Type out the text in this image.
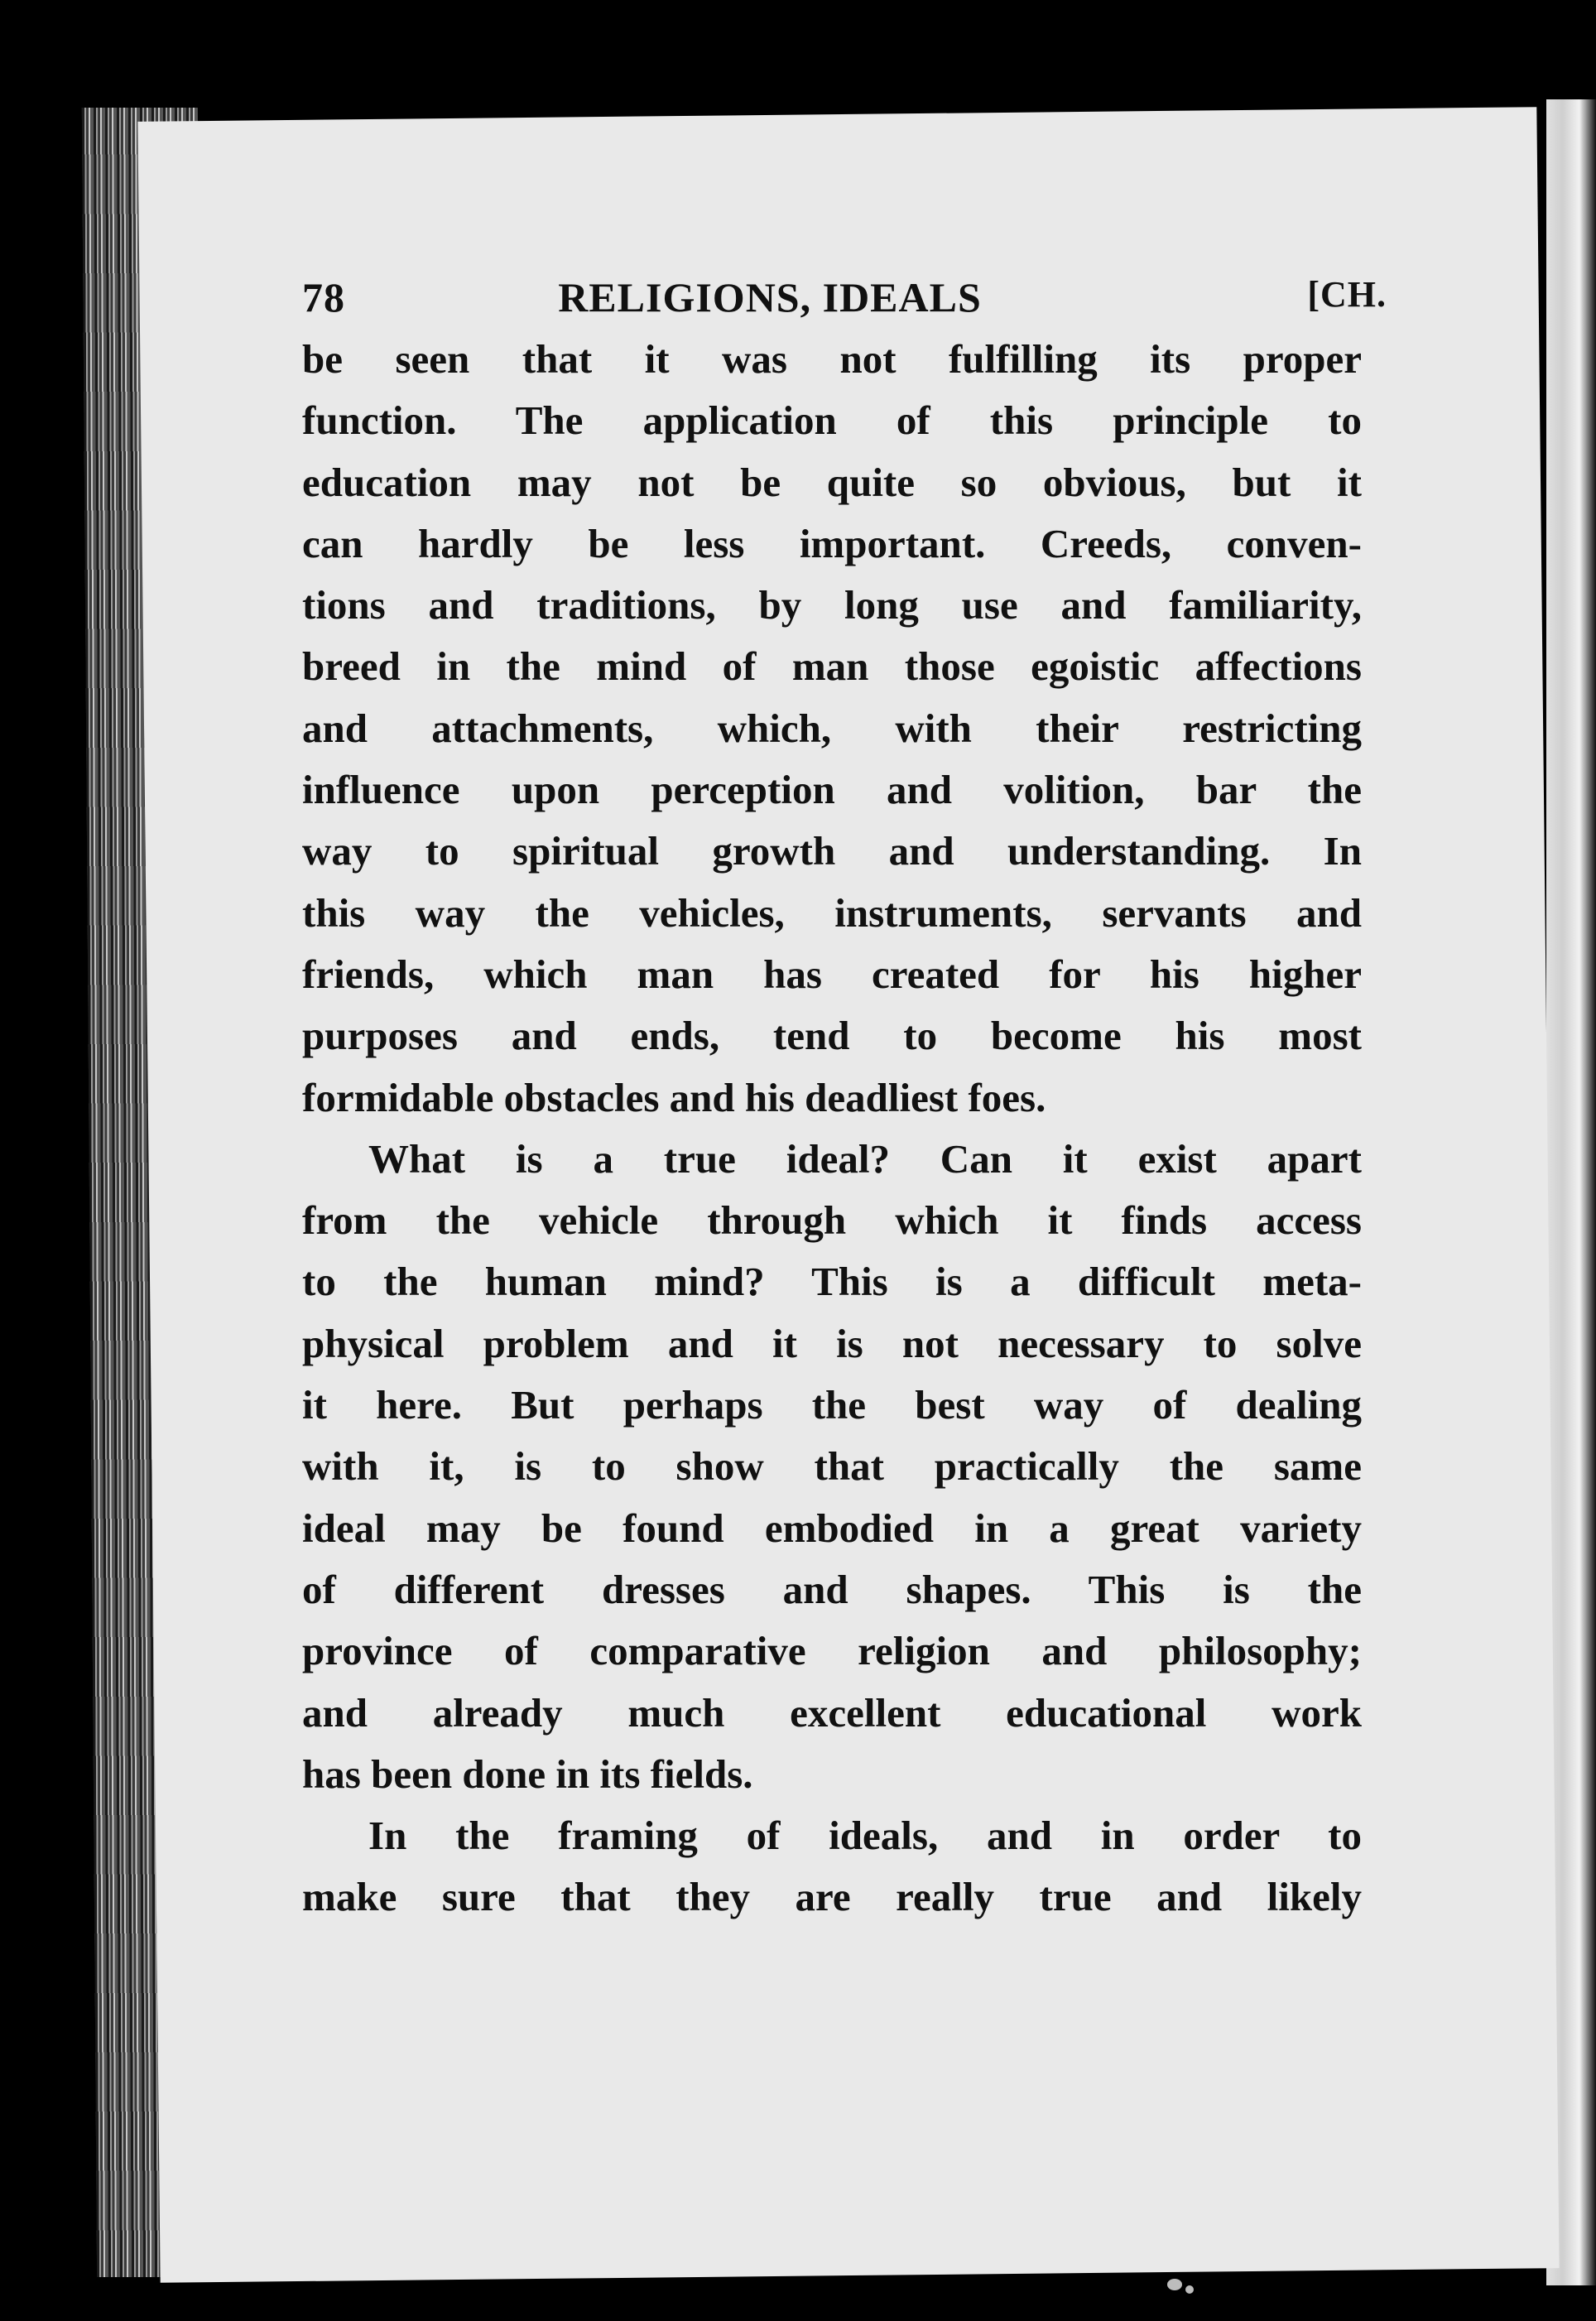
78	RELIGIONS, IDEALS	[CH.
be seen that it was not fulfilling its proper
function. The application of this principle to
education may not be quite so obvious, but it
can hardly be less important. Creeds, conven-
tions and traditions, by long use and familiarity,
breed in the mind of man those egoistic affections
and attachments, which, with their restricting
influence upon perception and volition, bar the
way to spiritual growth and understanding. In
this way the vehicles, instruments, servants and
friends, which man has created for his higher
purposes and ends, tend to become his most
formidable obstacles and his deadliest foes.
What is a true ideal? Can it exist apart
from the vehicle through which it finds access
to the human mind? This is a difficult meta-
physical problem and it is not necessary to solve
it here. But perhaps the best way of dealing
with it, is to show that practically the same
ideal may be found embodied in a great variety
of different dresses and shapes. This is the
province of comparative religion and philosophy;
and already much excellent educational work
has been done in its fields.
In the framing of ideals, and in order to
make sure that they are really true and likely
